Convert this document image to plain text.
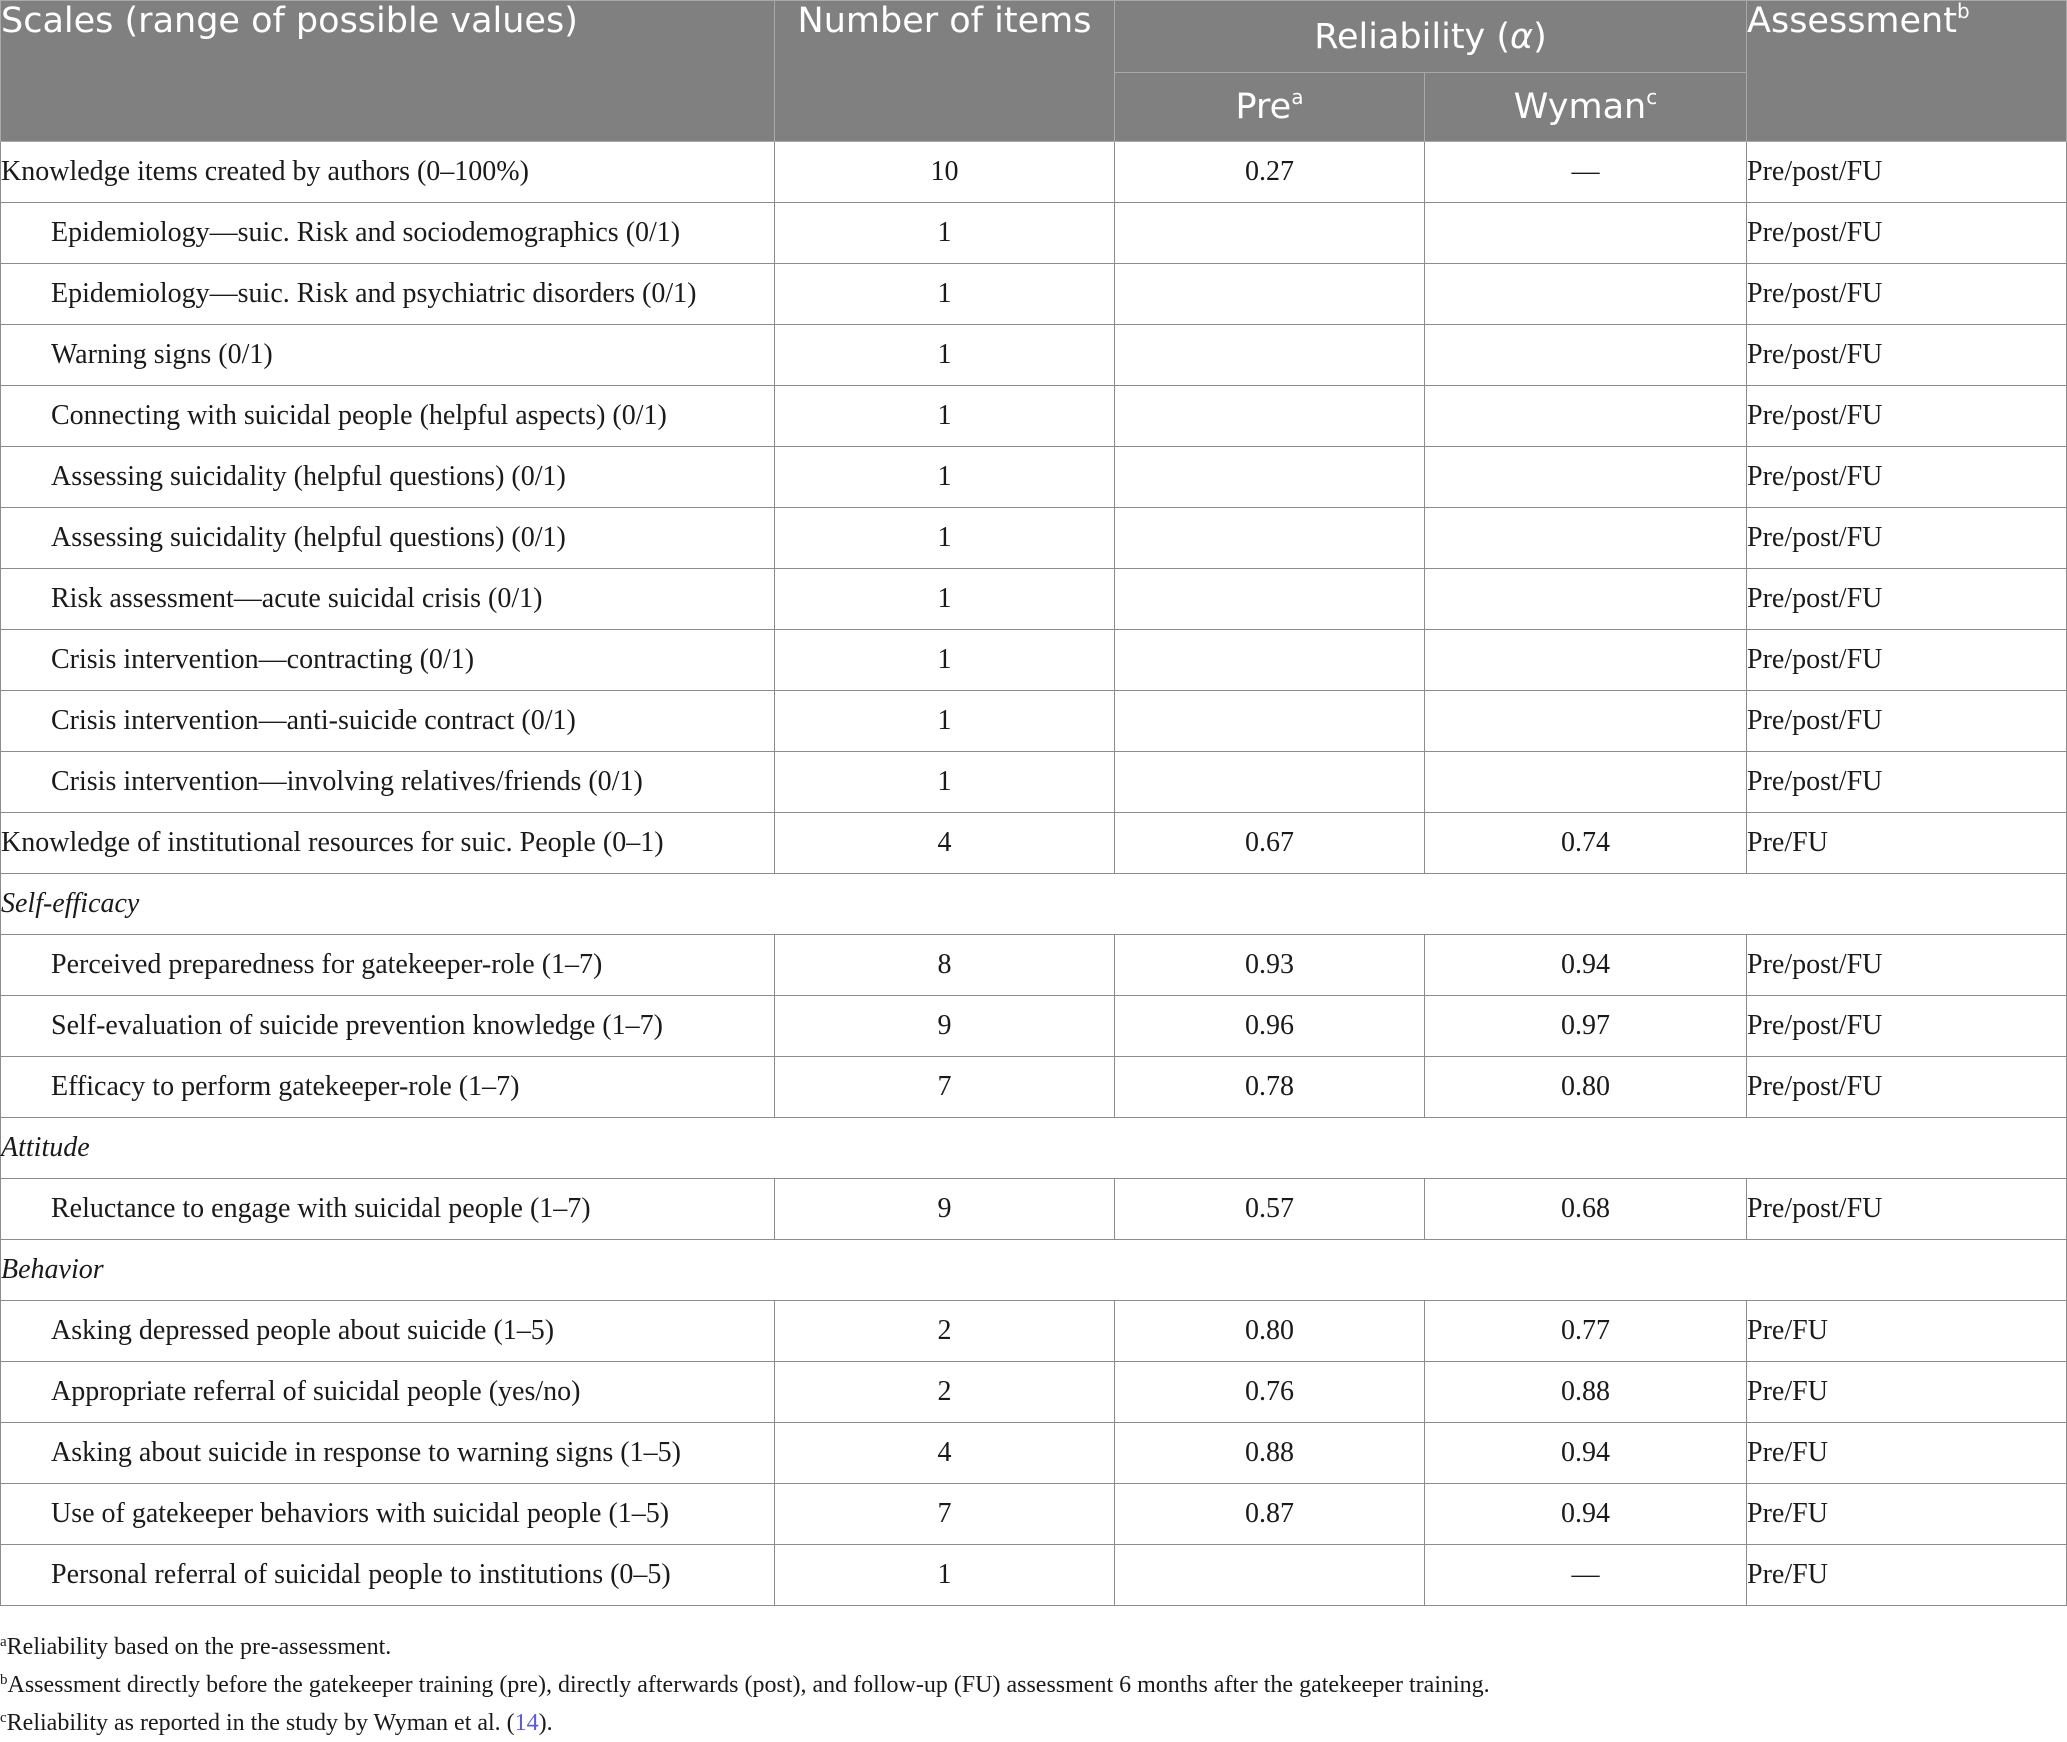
Scales (range of possible values)	Number of items	Reliability (α)		Assessment$^b$
		Pre$^a$	Wyman$^c$
Knowledge items created by authors (0–100%)	10	0.27	—	Pre/post/FU
Epidemiology—suic. Risk and sociodemographics (0/1)	1			Pre/post/FU
Epidemiology—suic. Risk and psychiatric disorders (0/1)	1			Pre/post/FU
Warning signs (0/1)	1			Pre/post/FU
Connecting with suicidal people (helpful aspects) (0/1)	1			Pre/post/FU
Assessing suicidality (helpful questions) (0/1)	1			Pre/post/FU
Assessing suicidality (helpful questions) (0/1)	1			Pre/post/FU
Risk assessment—acute suicidal crisis (0/1)	1			Pre/post/FU
Crisis intervention—contracting (0/1)	1			Pre/post/FU
Crisis intervention—anti-suicide contract (0/1)	1			Pre/post/FU
Crisis intervention—involving relatives/friends (0/1)	1			Pre/post/FU
Knowledge of institutional resources for suic. People (0–1)	4	0.67	0.74	Pre/FU
Self-efficacy				
Perceived preparedness for gatekeeper-role (1–7)	8	0.93	0.94	Pre/post/FU
Self-evaluation of suicide prevention knowledge (1–7)	9	0.96	0.97	Pre/post/FU
Efficacy to perform gatekeeper-role (1–7)	7	0.78	0.80	Pre/post/FU
Attitude				
Reluctance to engage with suicidal people (1–7)	9	0.57	0.68	Pre/post/FU
Behavior				
Asking depressed people about suicide (1–5)	2	0.80	0.77	Pre/FU
Appropriate referral of suicidal people (yes/no)	2	0.76	0.88	Pre/FU
Asking about suicide in response to warning signs (1–5)	4	0.88	0.94	Pre/FU
Use of gatekeeper behaviors with suicidal people (1–5)	7	0.87	0.94	Pre/FU
Personal referral of suicidal people to institutions (0–5)	1		—	Pre/FU
$^a$Reliability based on the pre-assessment.
$^b$Assessment directly before the gatekeeper training (pre), directly afterwards (post), and follow-up (FU) assessment 6 months after the gatekeeper training.
$^c$Reliability as reported in the study by Wyman et al. (14).
